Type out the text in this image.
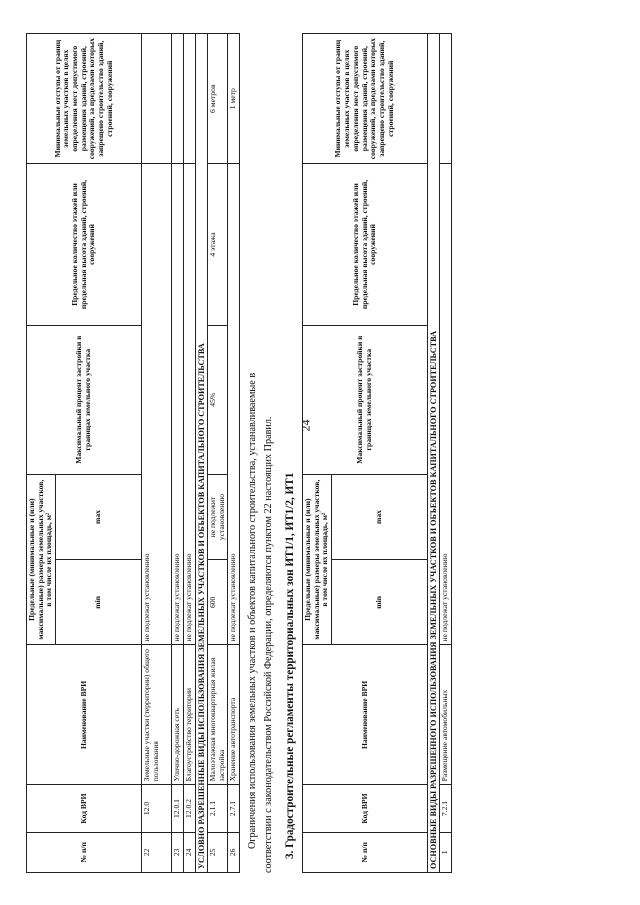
24
№ п/п	Код ВРИ	Наименование ВРИ	Предельные (минимальные и (или) максимальные) размеры земельных участков, в том числе их площадь, м²		Максимальный процент застройки в границах земельного участка	Предельное количество этажей или предельная высота зданий, строений, сооружений	Минимальные отступы от границ земельных участков в целях определения мест допустимого размещения зданий, строений, сооружений, за пределами которых запрещено строительство зданий, строений, сооружений
			min	max			
22	12.0	Земельные участки (территории) общего пользования	не подлежат установлению				
23	12.0.1	Улично-дорожная сеть	не подлежат установлению				
24	12.0.2	Благоустройство территории	не подлежат установлению				
УСЛОВНО РАЗРЕШЕННЫЕ ВИДЫ ИСПОЛЬЗОВАНИЯ ЗЕМЕЛЬНЫХ УЧАСТКОВ И ОБЪЕКТОВ КАПИТАЛЬНОГО СТРОИТЕЛЬСТВА							
25	2.1.1	Малоэтажная многоквартирная жилая застройка	600	не подлежит установлению	45%	4 этажа	6 метров
26	2.7.1	Хранение автотранспорта	не подлежат установлению				1 метр
Ограничения использования земельных участков и объектов капитального строительства, устанавливаемые в соответствии с законодательством Российской Федерации, определяются пунктом 22 настоящих Правил. 3. Градостроительные регламенты территориальных зон ИТ1/1, ИТ1/2, ИТ1	№ п/п	Код ВРИ	Наименование ВРИ	Предельные (минимальные и (или) максимальные) размеры земельных участков, в том числе их площадь, м²		Максимальный процент застройки в границах земельного участка	Предельное количество этажей или предельная высота зданий, строений, сооружений	Минимальные отступы от границ земельных участков в целях определения мест допустимого размещения зданий, строений, сооружений, за пределами которых запрещено строительство зданий, строений, сооружений
			min	max			
ОСНОВНЫЕ ВИДЫ РАЗРЕШЕННОГО ИСПОЛЬЗОВАНИЯ ЗЕМЕЛЬНЫХ УЧАСТКОВ И ОБЪЕКТОВ КАПИТАЛЬНОГО СТРОИТЕЛЬСТВА							
1	7.2.1	Размещение автомобильных	не подлежат установлению				
